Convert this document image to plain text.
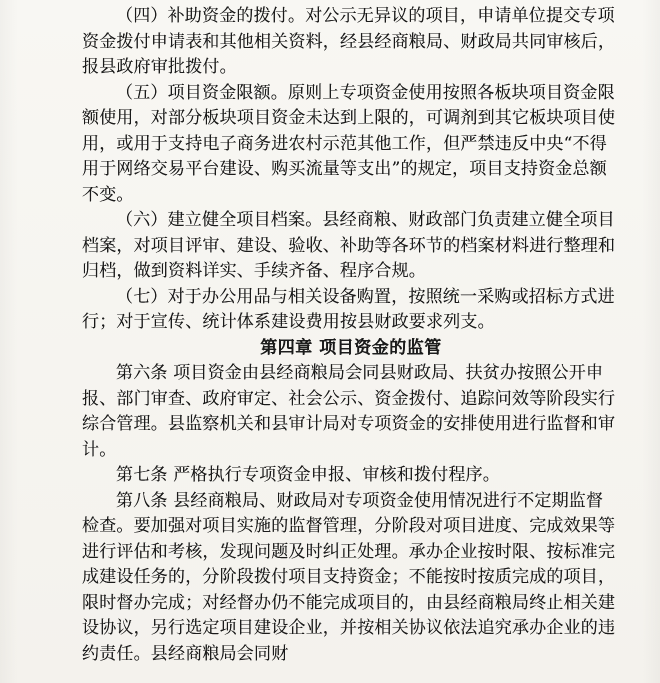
（四）补助资金的拨付。对公示无异议的项目，申请单位提交专项资金拨付申请表和其他相关资料，经县经商粮局、财政局共同审核后，报县政府审批拨付。

（五）项目资金限额。原则上专项资金使用按照各板块项目资金限额使用，对部分板块项目资金未达到上限的，可调剂到其它板块项目使用，或用于支持电子商务进农村示范其他工作，但严禁违反中央“不得用于网络交易平台建设、购买流量等支出”的规定，项目支持资金总额不变。

（六）建立健全项目档案。县经商粮、财政部门负责建立健全项目档案，对项目评审、建设、验收、补助等各环节的档案材料进行整理和归档，做到资料详实、手续齐备、程序合规。

（七）对于办公用品与相关设备购置，按照统一采购或招标方式进行；对于宣传、统计体系建设费用按县财政要求列支。

第四章 项目资金的监管

第六条 项目资金由县经商粮局会同县财政局、扶贫办按照公开申报、部门审查、政府审定、社会公示、资金拨付、追踪问效等阶段实行综合管理。县监察机关和县审计局对专项资金的安排使用进行监督和审计。

第七条 严格执行专项资金申报、审核和拨付程序。

第八条 县经商粮局、财政局对专项资金使用情况进行不定期监督检查。要加强对项目实施的监督管理，分阶段对项目进度、完成效果等进行评估和考核，发现问题及时纠正处理。承办企业按时限、按标准完成建设任务的，分阶段拨付项目支持资金；不能按时按质完成的项目，限时督办完成；对经督办仍不能完成项目的，由县经商粮局终止相关建设协议，另行选定项目建设企业，并按相关协议依法追究承办企业的违约责任。县经商粮局会同财
